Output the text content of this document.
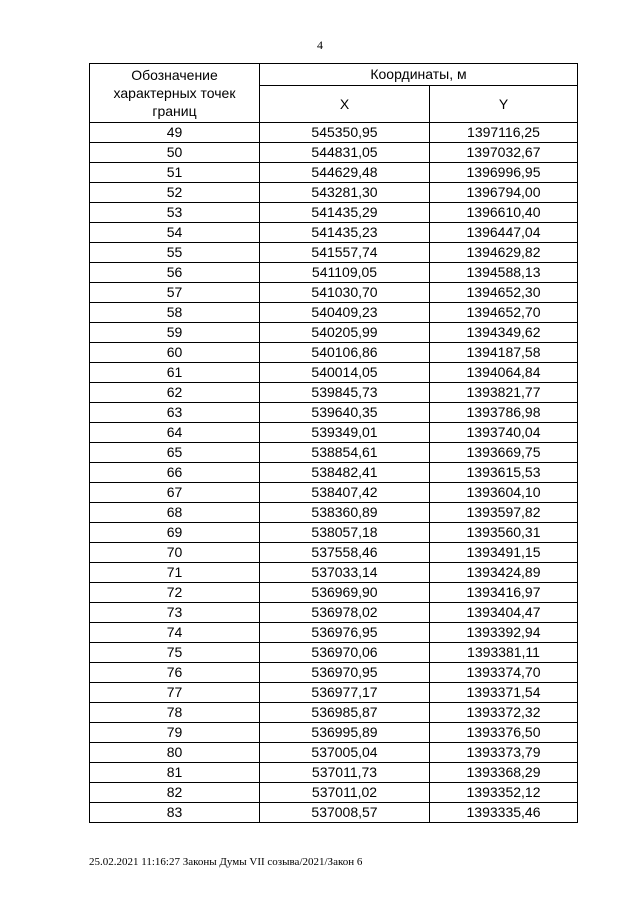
4
Обозначение характерных точек границ	Координаты, м	
	X	Y
49	545350,95	1397116,25
50	544831,05	1397032,67
51	544629,48	1396996,95
52	543281,30	1396794,00
53	541435,29	1396610,40
54	541435,23	1396447,04
55	541557,74	1394629,82
56	541109,05	1394588,13
57	541030,70	1394652,30
58	540409,23	1394652,70
59	540205,99	1394349,62
60	540106,86	1394187,58
61	540014,05	1394064,84
62	539845,73	1393821,77
63	539640,35	1393786,98
64	539349,01	1393740,04
65	538854,61	1393669,75
66	538482,41	1393615,53
67	538407,42	1393604,10
68	538360,89	1393597,82
69	538057,18	1393560,31
70	537558,46	1393491,15
71	537033,14	1393424,89
72	536969,90	1393416,97
73	536978,02	1393404,47
74	536976,95	1393392,94
75	536970,06	1393381,11
76	536970,95	1393374,70
77	536977,17	1393371,54
78	536985,87	1393372,32
79	536995,89	1393376,50
80	537005,04	1393373,79
81	537011,73	1393368,29
82	537011,02	1393352,12
83	537008,57	1393335,46
25.02.2021 11:16:27 Законы Думы VII созыва/2021/Закон 6
